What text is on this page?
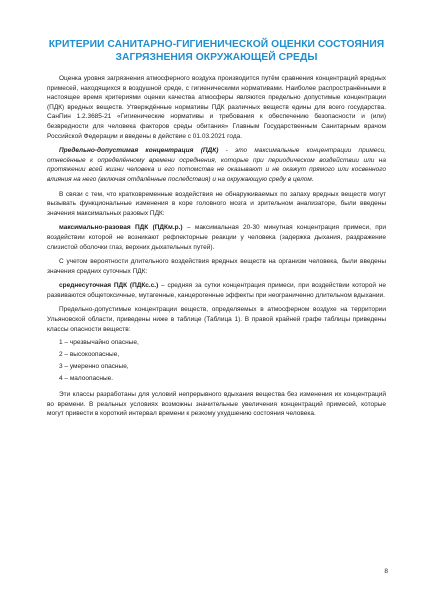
КРИТЕРИИ САНИТАРНО-ГИГИЕНИЧЕСКОЙ ОЦЕНКИ СОСТОЯНИЯ
ЗАГРЯЗНЕНИЯ ОКРУЖАЮЩЕЙ СРЕДЫ

Оценка уровня загрязнения атмосферного воздуха производится путём сравнения концентраций вредных примесей, находящихся в воздушной среде, с гигиеническими нормативами. Наиболее распространёнными в настоящее время критериями оценки качества атмосферы являются предельно допустимые концентрации (ПДК) вредных веществ. Утверждённые нормативы ПДК различных веществ едины для всего государства. СанПин 1.2.3685-21 «Гигиенические нормативы и требования к обеспечению безопасности и (или) безвредности для человека факторов среды обитания» Главным Государственным Санитарным врачом Российской Федерации и введены в действие с 01.03.2021 года.

Предельно-допустимая концентрация (ПДК) - это максимальные концентрации примеси, отнесённые к определённому времени осреднения, которые при периодическом воздействии или на протяжении всей жизни человека и его потомства не оказывают и не окажут прямого или косвенного влияния на него (включая отдалённые последствия) и на окружающую среду в целом.

В связи с тем, что кратковременные воздействия не обнаруживаемых по запаху вредных веществ могут вызывать функциональные изменения в коре головного мозга и зрительном анализаторе, были введены значения максимальных разовых ПДК:

максимально-разовая ПДК (ПДКм.р.) – максимальная 20-30 минутная концентрация примеси, при воздействии которой не возникают рефлекторные реакции у человека (задержка дыхания, раздражение слизистой оболочки глаз, верхних дыхательных путей).

С учетом вероятности длительного воздействия вредных веществ на организм человека, были введены значения средних суточных ПДК:

среднесуточная ПДК (ПДКс.с.) – средняя за сутки концентрация примеси, при воздействии которой не развиваются общетоксичные, мутагенные, канцерогенные эффекты при неограниченно длительном вдыхании.

Предельно-допустимые концентрации веществ, определяемых в атмосферном воздухе на территории Ульяновской области, приведены ниже в таблице (Таблица 1). В правой крайней графе таблицы приведены классы опасности веществ:

1 – чрезвычайно опасные,
2 – высокоопасные,
3 – умеренно опасные,
4 – малоопасные.

Эти классы разработаны для условий непрерывного вдыхания вещества без изменения их концентраций во времени. В реальных условиях возможны значительные увеличения концентраций примесей, которые могут привести в короткий интервал времени к резкому ухудшению состояния человека.

8
